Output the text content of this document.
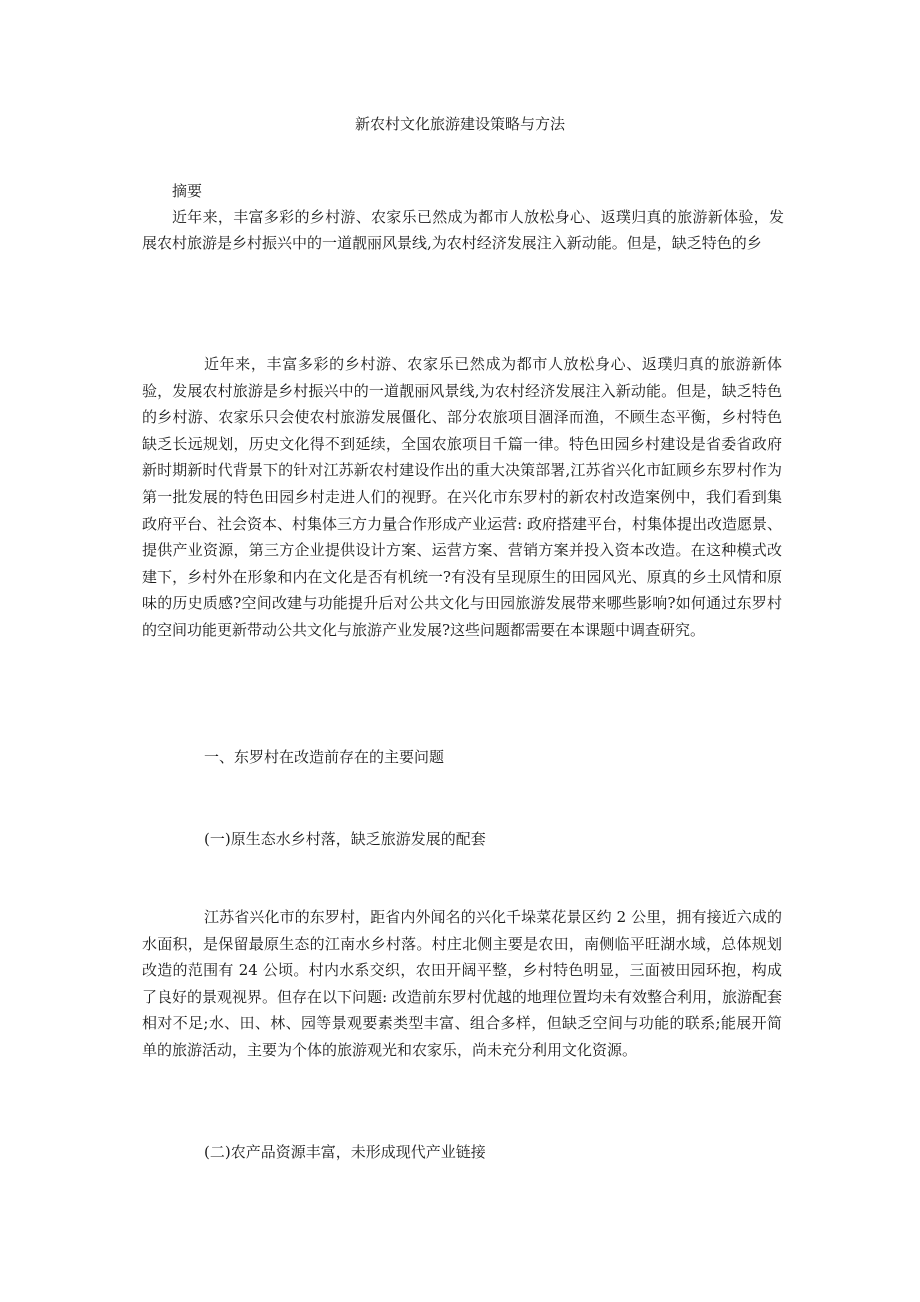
新农村文化旅游建设策略与方法
摘要

近年来，丰富多彩的乡村游、农家乐已然成为都市人放松身心、返璞归真的旅游新体验，发展农村旅游是乡村振兴中的一道靓丽风景线,为农村经济发展注入新动能。但是，缺乏特色的乡

近年来，丰富多彩的乡村游、农家乐已然成为都市人放松身心、返璞归真的旅游新体验，发展农村旅游是乡村振兴中的一道靓丽风景线,为农村经济发展注入新动能。但是，缺乏特色的乡村游、农家乐只会使农村旅游发展僵化、部分农旅项目涸泽而渔，不顾生态平衡，乡村特色缺乏长远规划，历史文化得不到延续，全国农旅项目千篇一律。特色田园乡村建设是省委省政府新时期新时代背景下的针对江苏新农村建设作出的重大决策部署,江苏省兴化市缸顾乡东罗村作为第一批发展的特色田园乡村走进人们的视野。在兴化市东罗村的新农村改造案例中，我们看到集政府平台、社会资本、村集体三方力量合作形成产业运营: 政府搭建平台，村集体提出改造愿景、提供产业资源，第三方企业提供设计方案、运营方案、营销方案并投入资本改造。在这种模式改建下，乡村外在形象和内在文化是否有机统一?有没有呈现原生的田园风光、原真的乡土风情和原味的历史质感?空间改建与功能提升后对公共文化与田园旅游发展带来哪些影响?如何通过东罗村的空间功能更新带动公共文化与旅游产业发展?这些问题都需要在本课题中调查研究。

一、东罗村在改造前存在的主要问题

(一)原生态水乡村落，缺乏旅游发展的配套

江苏省兴化市的东罗村，距省内外闻名的兴化千垛菜花景区约 2 公里，拥有接近六成的水面积，是保留最原生态的江南水乡村落。村庄北侧主要是农田，南侧临平旺湖水域，总体规划改造的范围有 24 公顷。村内水系交织，农田开阔平整，乡村特色明显，三面被田园环抱，构成了良好的景观视界。但存在以下问题: 改造前东罗村优越的地理位置均未有效整合利用，旅游配套相对不足;水、田、林、园等景观要素类型丰富、组合多样，但缺乏空间与功能的联系;能展开简单的旅游活动，主要为个体的旅游观光和农家乐，尚未充分利用文化资源。

(二)农产品资源丰富，未形成现代产业链接
